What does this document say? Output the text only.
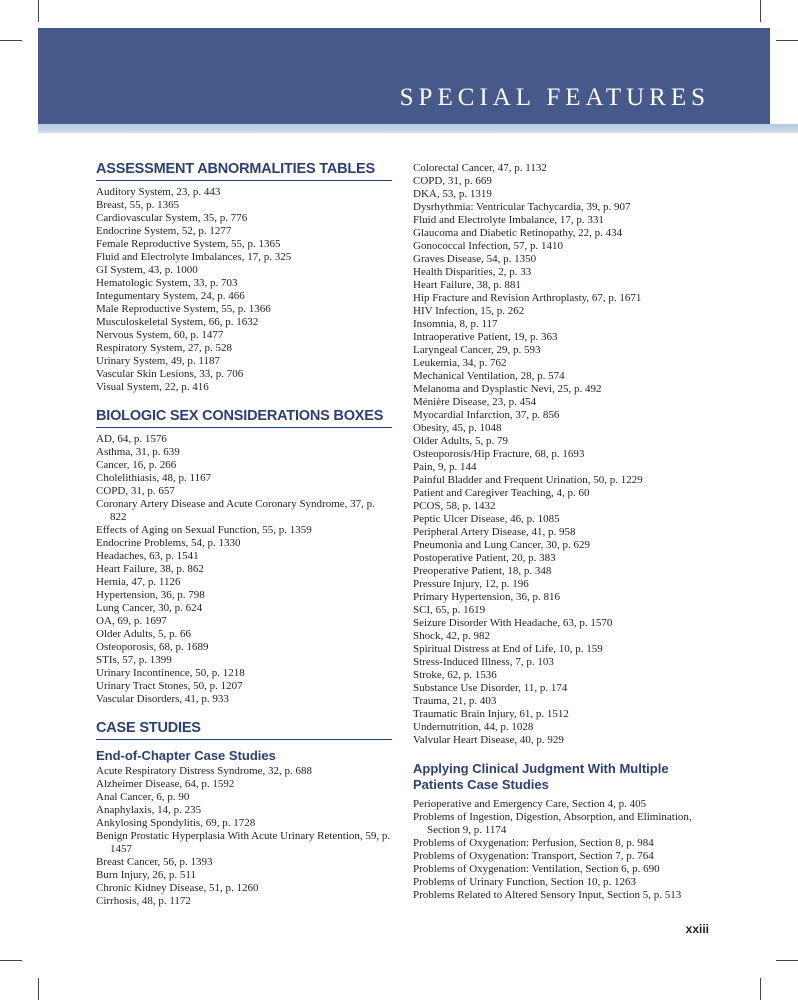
SPECIAL FEATURES
ASSESSMENT ABNORMALITIES TABLES
Auditory System, 23, p. 443
Breast, 55, p. 1365
Cardiovascular System, 35, p. 776
Endocrine System, 52, p. 1277
Female Reproductive System, 55, p. 1365
Fluid and Electrolyte Imbalances, 17, p. 325
GI System, 43, p. 1000
Hematologic System, 33, p. 703
Integumentary System, 24, p. 466
Male Reproductive System, 55, p. 1366
Musculoskeletal System, 66, p. 1632
Nervous System, 60, p. 1477
Respiratory System, 27, p. 528
Urinary System, 49, p. 1187
Vascular Skin Lesions, 33, p. 706
Visual System, 22, p. 416
BIOLOGIC SEX CONSIDERATIONS BOXES
AD, 64, p. 1576
Asthma, 31, p. 639
Cancer, 16, p. 266
Cholelithiasis, 48, p. 1167
COPD, 31, p. 657
Coronary Artery Disease and Acute Coronary Syndrome, 37, p. 822
Effects of Aging on Sexual Function, 55, p. 1359
Endocrine Problems, 54, p. 1330
Headaches, 63, p. 1541
Heart Failure, 38, p. 862
Hernia, 47, p. 1126
Hypertension, 36, p. 798
Lung Cancer, 30, p. 624
OA, 69, p. 1697
Older Adults, 5, p. 66
Osteoporosis, 68, p. 1689
STIs, 57, p. 1399
Urinary Incontinence, 50, p. 1218
Urinary Tract Stones, 50, p. 1207
Vascular Disorders, 41, p. 933
CASE STUDIES
End-of-Chapter Case Studies
Acute Respiratory Distress Syndrome, 32, p. 688
Alzheimer Disease, 64, p. 1592
Anal Cancer, 6, p. 90
Anaphylaxis, 14, p. 235
Ankylosing Spondylitis, 69, p. 1728
Benign Prostatic Hyperplasia With Acute Urinary Retention, 59, p. 1457
Breast Cancer, 56, p. 1393
Burn Injury, 26, p. 511
Chronic Kidney Disease, 51, p. 1260
Cirrhosis, 48, p. 1172
Colorectal Cancer, 47, p. 1132
COPD, 31, p. 669
DKA, 53, p. 1319
Dysrhythmia: Ventricular Tachycardia, 39, p. 907
Fluid and Electrolyte Imbalance, 17, p. 331
Glaucoma and Diabetic Retinopathy, 22, p. 434
Gonococcal Infection, 57, p. 1410
Graves Disease, 54, p. 1350
Health Disparities, 2, p. 33
Heart Failure, 38, p. 881
Hip Fracture and Revision Arthroplasty, 67, p. 1671
HIV Infection, 15, p. 262
Insomnia, 8, p. 117
Intraoperative Patient, 19, p. 363
Laryngeal Cancer, 29, p. 593
Leukemia, 34, p. 762
Mechanical Ventilation, 28, p. 574
Melanoma and Dysplastic Nevi, 25, p. 492
Ménière Disease, 23, p. 454
Myocardial Infarction, 37, p. 856
Obesity, 45, p. 1048
Older Adults, 5, p. 79
Osteoporosis/Hip Fracture, 68, p. 1693
Pain, 9, p. 144
Painful Bladder and Frequent Urination, 50, p. 1229
Patient and Caregiver Teaching, 4, p. 60
PCOS, 58, p. 1432
Peptic Ulcer Disease, 46, p. 1085
Peripheral Artery Disease, 41, p. 958
Pneumonia and Lung Cancer, 30, p. 629
Postoperative Patient, 20, p. 383
Preoperative Patient, 18, p. 348
Pressure Injury, 12, p. 196
Primary Hypertension, 36, p. 816
SCI, 65, p. 1619
Seizure Disorder With Headache, 63, p. 1570
Shock, 42, p. 982
Spiritual Distress at End of Life, 10, p. 159
Stress-Induced Illness, 7, p. 103
Stroke, 62, p. 1536
Substance Use Disorder, 11, p. 174
Trauma, 21, p. 403
Traumatic Brain Injury, 61, p. 1512
Undernutrition, 44, p. 1028
Valvular Heart Disease, 40, p. 929
Applying Clinical Judgment With Multiple Patients Case Studies
Perioperative and Emergency Care, Section 4, p. 405
Problems of Ingestion, Digestion, Absorption, and Elimination, Section 9, p. 1174
Problems of Oxygenation: Perfusion, Section 8, p. 984
Problems of Oxygenation: Transport, Section 7, p. 764
Problems of Oxygenation: Ventilation, Section 6, p. 690
Problems of Urinary Function, Section 10, p. 1263
Problems Related to Altered Sensory Input, Section 5, p. 513
xxiii
